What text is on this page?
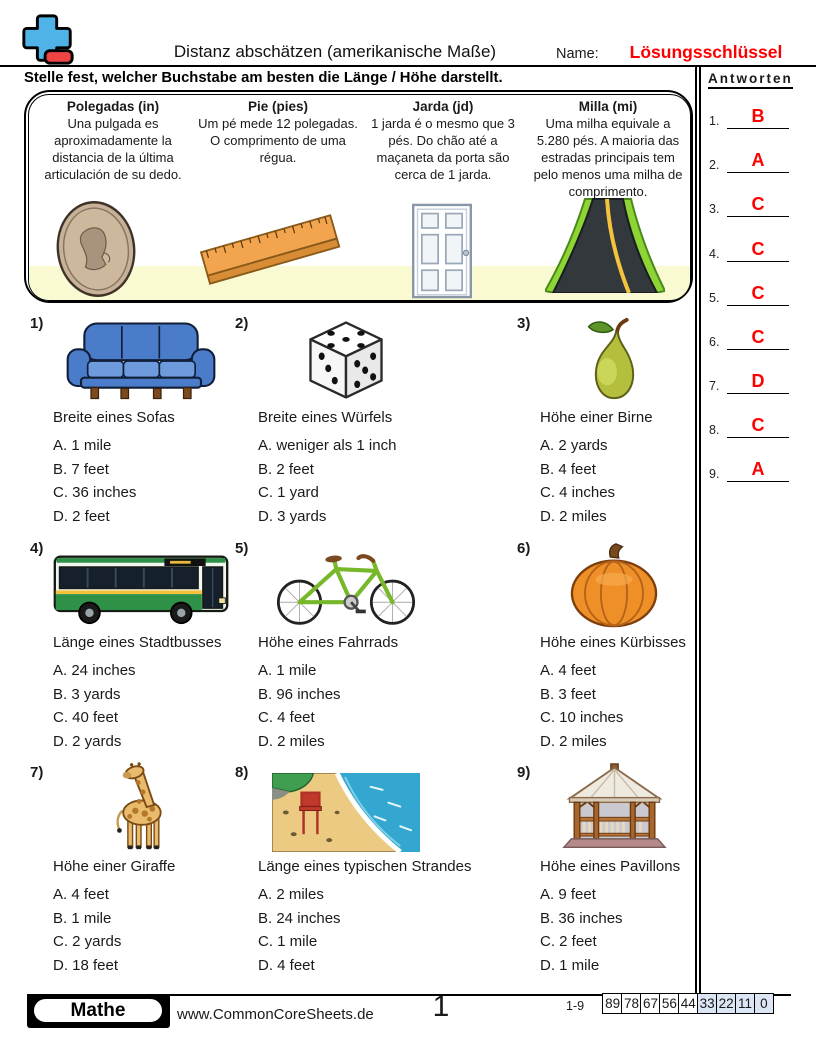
Distanz abschätzen (amerikanische Maße)	Name:	Lösungsschlüssel
Stelle fest, welcher Buchstabe am besten die Länge / Höhe darstellt.
Polegadas (in)

Una pulgada es aproximadamente la distancia de la última articulación de su dedo.

Pie (pies)

Um pé mede 12 polegadas. O comprimento de uma régua.

Jarda (jd)

1 jarda é o mesmo que 3 pés. Do chão até a maçaneta da porta são cerca de 1 jarda.

Milla (mi)

Uma milha equivale a 5.280 pés. A maioria das estradas principais tem pelo menos uma milha de comprimento.

Antworten
1.	B
2.	A
3.	C
4.	C
5.	C
6.	C
7.	D
8.	C
9.	A
1)
Breite eines Sofas
A. 1 mile
B. 7 feet
C. 36 inches
D. 2 feet
2)
Breite eines Würfels
A. weniger als 1 inch
B. 2 feet
C. 1 yard
D. 3 yards
3)
Höhe einer Birne
A. 2 yards
B. 4 feet
C. 4 inches
D. 2 miles
4)
Länge eines Stadtbusses
A. 24 inches
B. 3 yards
C. 40 feet
D. 2 yards
5)
Höhe eines Fahrrads
A. 1 mile
B. 96 inches
C. 4 feet
D. 2 miles
6)
Höhe eines Kürbisses
A. 4 feet
B. 3 feet
C. 10 inches
D. 2 miles
7)
Höhe einer Giraffe
A. 4 feet
B. 1 mile
C. 2 yards
D. 18 feet
8)
Länge eines typischen Strandes
A. 2 miles
B. 24 inches
C. 1 mile
D. 4 feet
9)
Höhe eines Pavillons
A. 9 feet
B. 36 inches
C. 2 feet
D. 1 mile
Mathe	www.CommonCoreSheets.de	1	1-9 89 78 67 56 44 33 22 11 0
